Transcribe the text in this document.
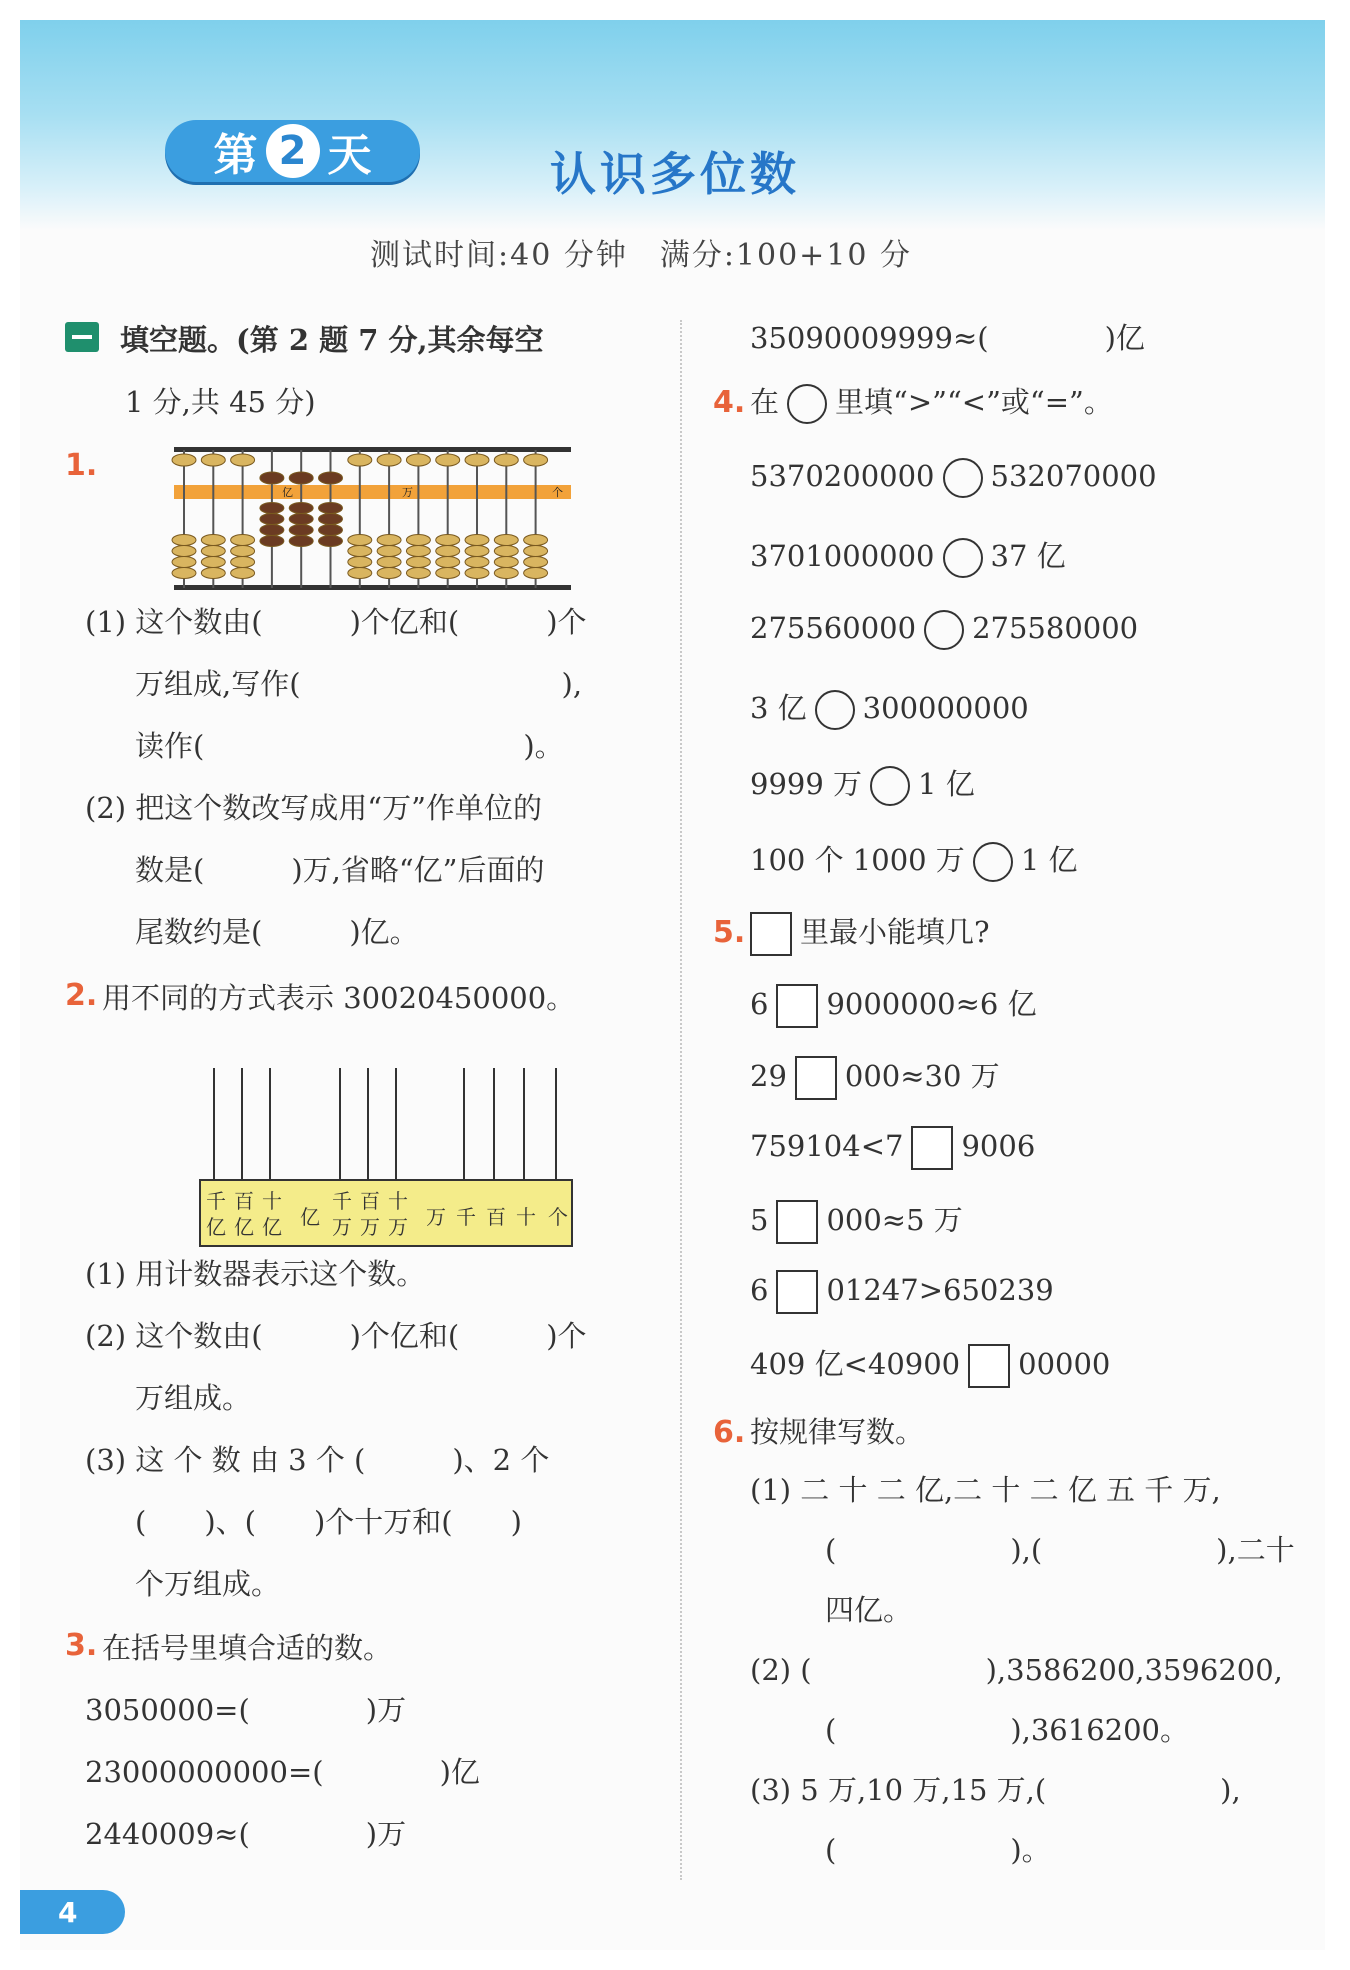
第 2 天	认识多位数
测试时间:40 分钟　满分:100+10 分
填空题。(第 2 题 7 分,其余每空
1 分,共 45 分)
1.
亿	万	个
(1) 这个数由(　　　)个亿和(　　　)个
万组成,写作(　　　　　　　　　),
读作(　　　　　　　　　　　)。
(2) 把这个数改写成用“万”作单位的
数是(　　　)万,省略“亿”后面的
尾数约是(　　　)亿。
2. 用不同的方式表示 30020450000。
千
亿
百
亿
十
亿 亿
千
万
百
万
十
万 万 千 百 十 个
(1) 用计数器表示这个数。
(2) 这个数由(　　　)个亿和(　　　)个
万组成。
(3) 这 个 数 由 3 个 (　　　)、2 个
(　　)、(　　)个十万和(　　)
个万组成。
3. 在括号里填合适的数。
3050000=(　　　　)万
23000000000=(　　　　)亿
2440009≈(　　　　)万
35090009999≈(　　　　)亿
4. 在 里填“>”“<”或“=”。
5370200000 532070000
3701000000 37 亿
275560000 275580000
3 亿 300000000
9999 万 1 亿
100 个 1000 万 1 亿
5.	里最小能填几?
6 9000000≈6 亿
29 000≈30 万
759104<7 9006
5 000≈5 万
6 01247>650239
409 亿<40900 00000
6. 按规律写数。
(1) 二 十 二 亿,二 十 二 亿 五 千 万,
(　　　　　　),(　　　　　　),二十
四亿。
(2) (　　　　　　),3586200,3596200,
(　　　　　　),3616200。
(3) 5 万,10 万,15 万,(　　　　　　),
(　　　　　　)。
4
